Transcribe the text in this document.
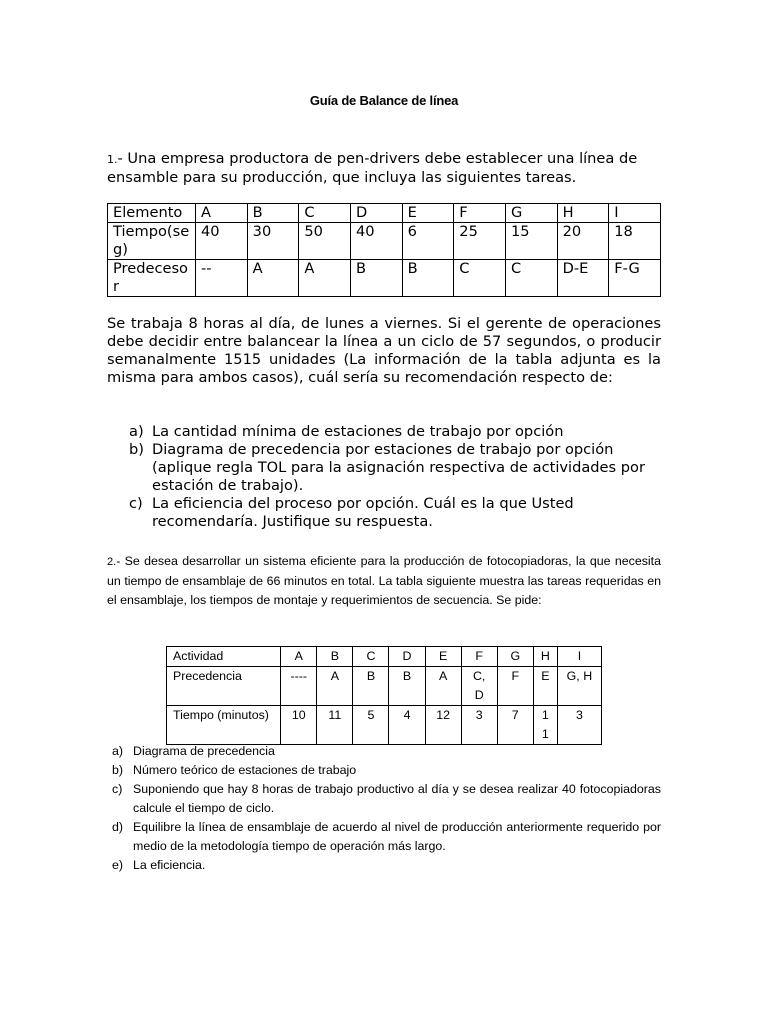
Guía de Balance de línea
1.- Una empresa productora de pen-drivers debe establecer una línea de ensamble para su producción, que incluya las siguientes tareas.
Elemento	A	B	C	D	E	F	G	H	I
Tiempo(seg)	40	30	50	40	6	25	15	20	18
Predecesor	--	A	A	B	B	C	C	D-E	F-G
Se trabaja 8 horas al día, de lunes a viernes. Si el gerente de operaciones debe decidir entre balancear la línea a un ciclo de 57 segundos, o producir semanalmente 1515 unidades (La información de la tabla adjunta es la misma para ambos casos), cuál sería su recomendación respecto de:
a) La cantidad mínima de estaciones de trabajo por opción
b) Diagrama de precedencia por estaciones de trabajo por opción (aplique regla TOL para la asignación respectiva de actividades por estación de trabajo).
c) La eficiencia del proceso por opción. Cuál es la que Usted recomendaría. Justifique su respuesta.
2.- Se desea desarrollar un sistema eficiente para la producción de fotocopiadoras, la que necesita un tiempo de ensamblaje de 66 minutos en total. La tabla siguiente muestra las tareas requeridas en el ensamblaje, los tiempos de montaje y requerimientos de secuencia. Se pide:
Actividad	A	B	C	D	E	F	G	H	I
Precedencia	----	A	B	B	A	C, D	F	E	G, H
Tiempo (minutos)	10	11	5	4	12	3	7	11	3
a) Diagrama de precedencia
b) Número teórico de estaciones de trabajo
c) Suponiendo que hay 8 horas de trabajo productivo al día y se desea realizar 40 fotocopiadoras calcule el tiempo de ciclo.
d) Equilibre la línea de ensamblaje de acuerdo al nivel de producción anteriormente requerido por medio de la metodología tiempo de operación más largo.
e) La eficiencia.
